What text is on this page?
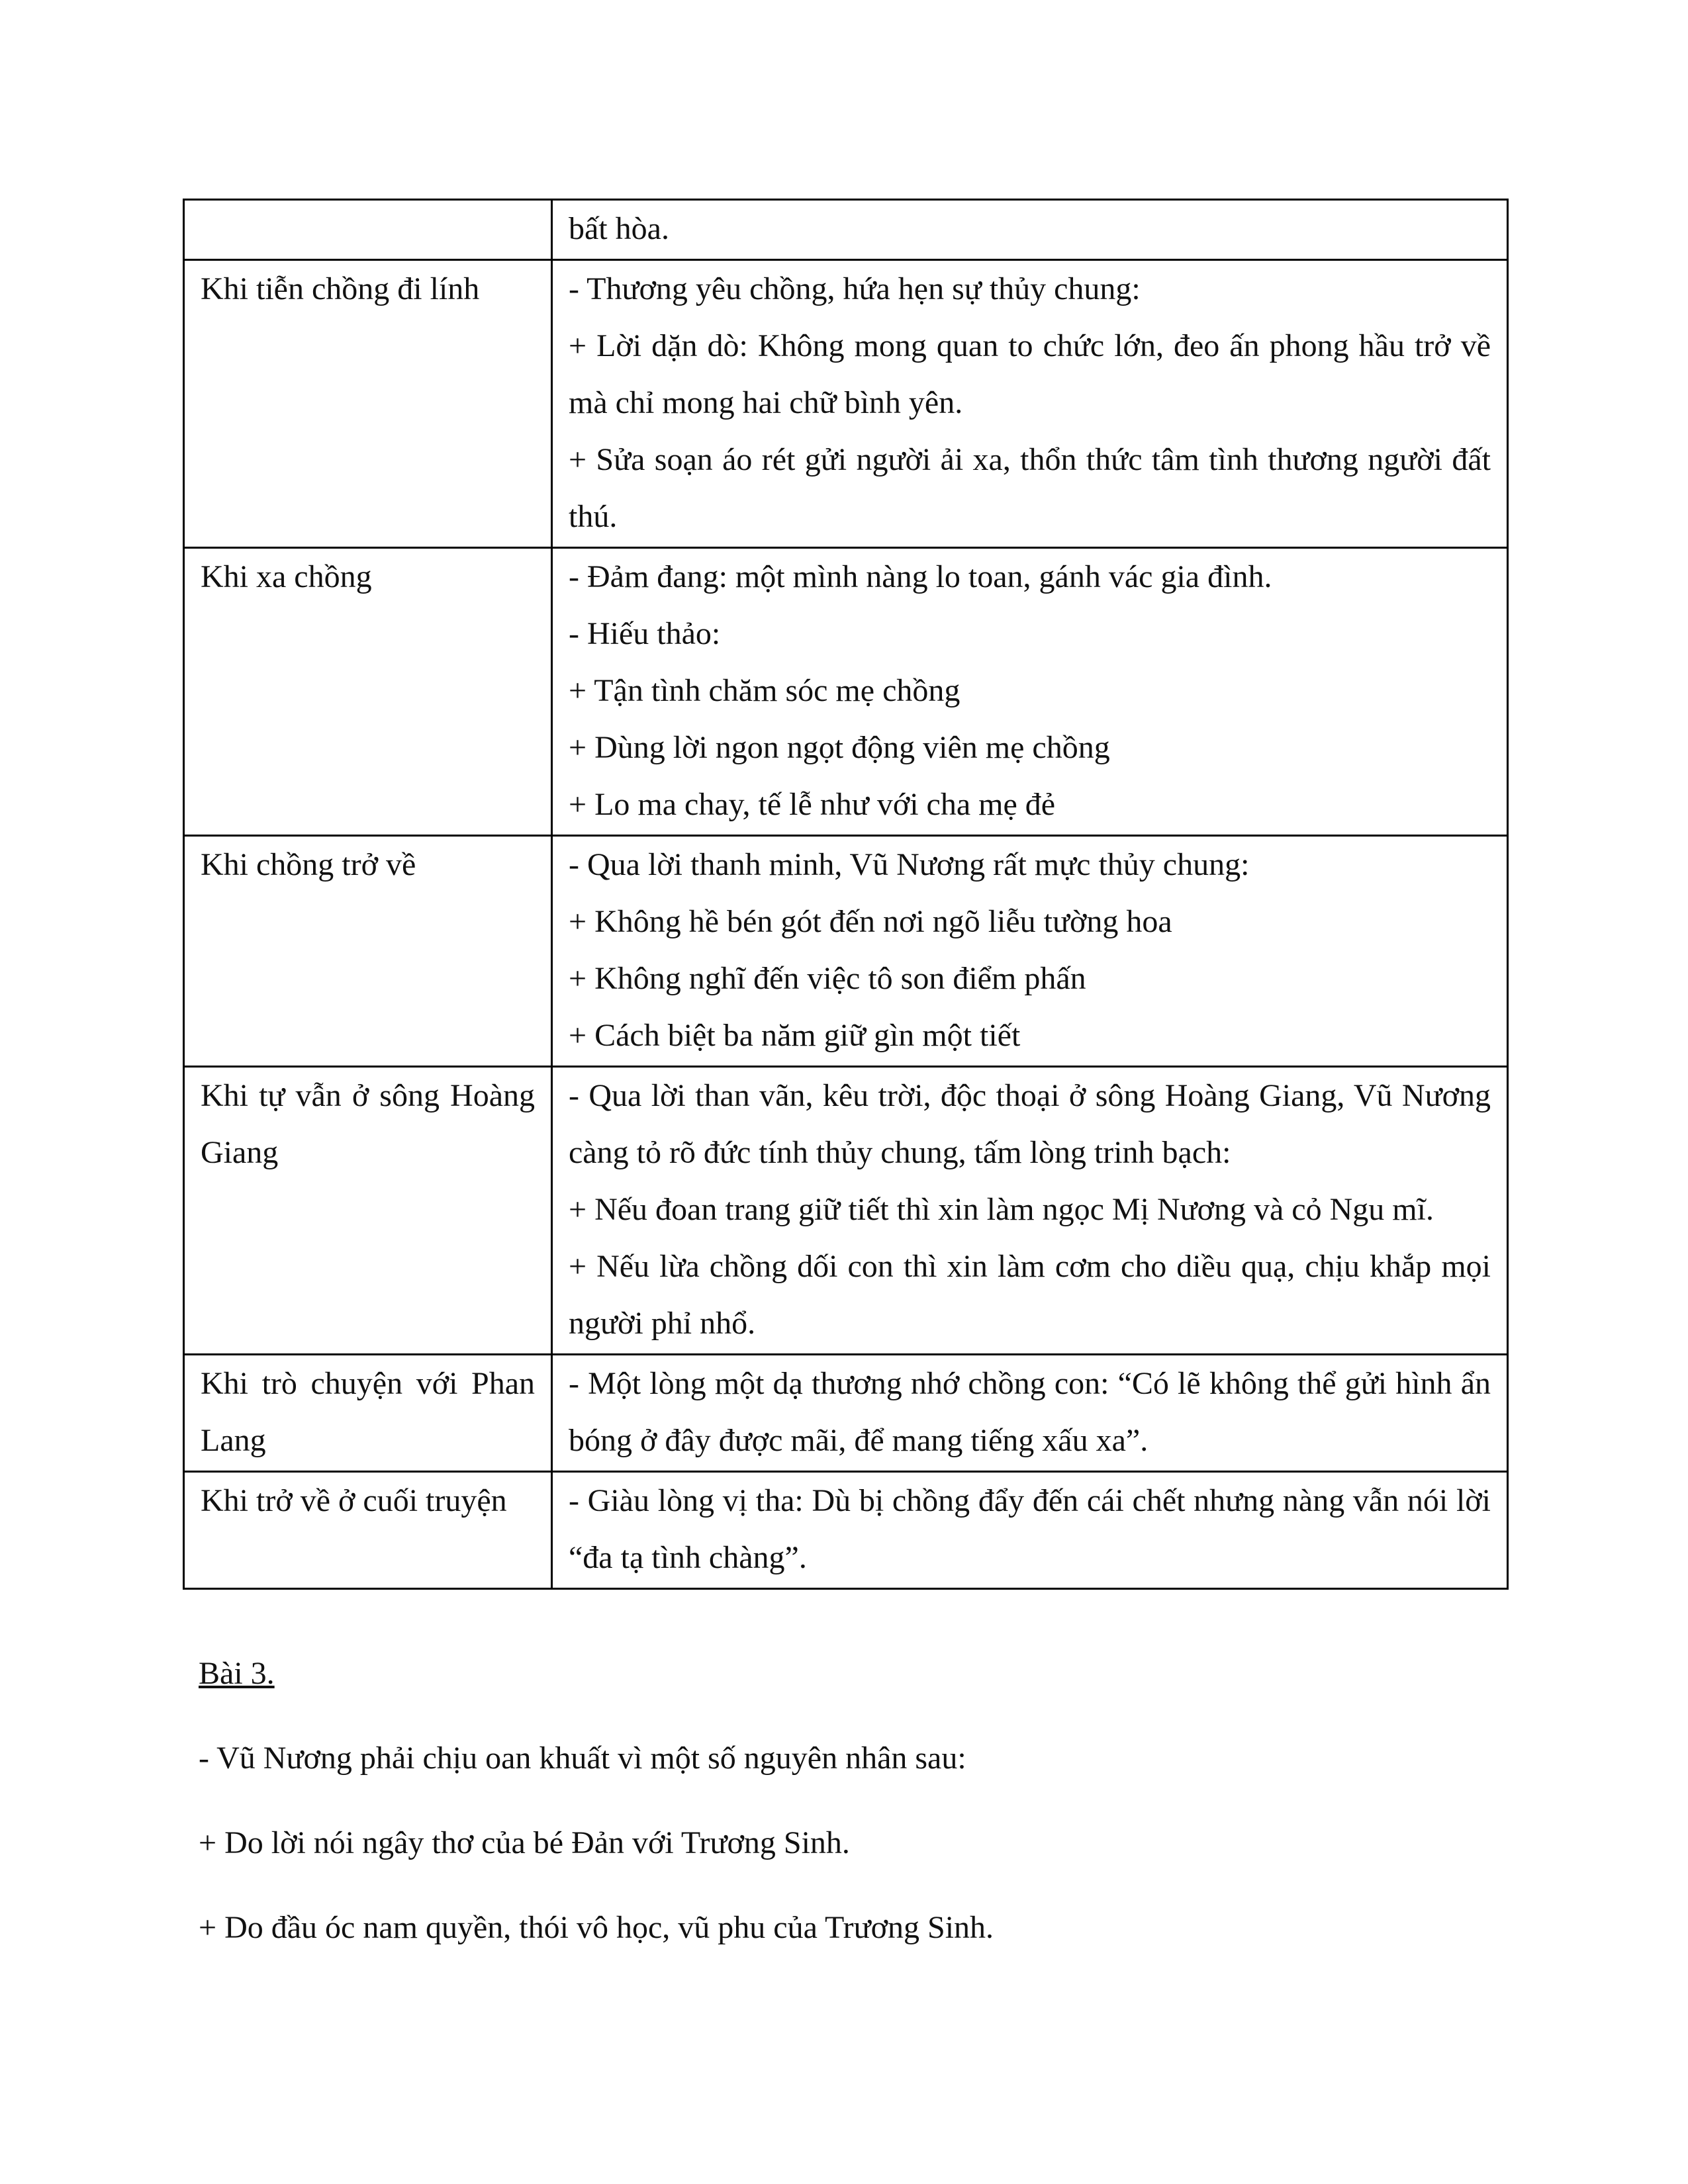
	bất hòa.

Khi tiễn chồng đi lính	- Thương yêu chồng, hứa hẹn sự thủy chung:

+ Lời dặn dò: Không mong quan to chức lớn, đeo ấn phong hầu trở về mà chỉ mong hai chữ bình yên.

+ Sửa soạn áo rét gửi người ải xa, thổn thức tâm tình thương người đất thú.

Khi xa chồng	- Đảm đang: một mình nàng lo toan, gánh vác gia đình.

- Hiếu thảo:

+ Tận tình chăm sóc mẹ chồng

+ Dùng lời ngon ngọt động viên mẹ chồng

+ Lo ma chay, tế lễ như với cha mẹ đẻ

Khi chồng trở về	- Qua lời thanh minh, Vũ Nương rất mực thủy chung:

+ Không hề bén gót đến nơi ngõ liễu tường hoa

+ Không nghĩ đến việc tô son điểm phấn

+ Cách biệt ba năm giữ gìn một tiết

Khi tự vẫn ở sông Hoàng Giang	- Qua lời than vãn, kêu trời, độc thoại ở sông Hoàng Giang, Vũ Nương càng tỏ rõ đức tính thủy chung, tấm lòng trinh bạch:

+ Nếu đoan trang giữ tiết thì xin làm ngọc Mị Nương và cỏ Ngu mĩ.

+ Nếu lừa chồng dối con thì xin làm cơm cho diều quạ, chịu khắp mọi người phỉ nhổ.

Khi trò chuyện với Phan Lang	- Một lòng một dạ thương nhớ chồng con: “Có lẽ không thể gửi hình ẩn bóng ở đây được mãi, để mang tiếng xấu xa”.

Khi trở về ở cuối truyện	- Giàu lòng vị tha: Dù bị chồng đẩy đến cái chết nhưng nàng vẫn nói lời “đa tạ tình chàng”.

Bài 3.

- Vũ Nương phải chịu oan khuất vì một số nguyên nhân sau:

+ Do lời nói ngây thơ của bé Đản với Trương Sinh.

+ Do đầu óc nam quyền, thói vô học, vũ phu của Trương Sinh.
